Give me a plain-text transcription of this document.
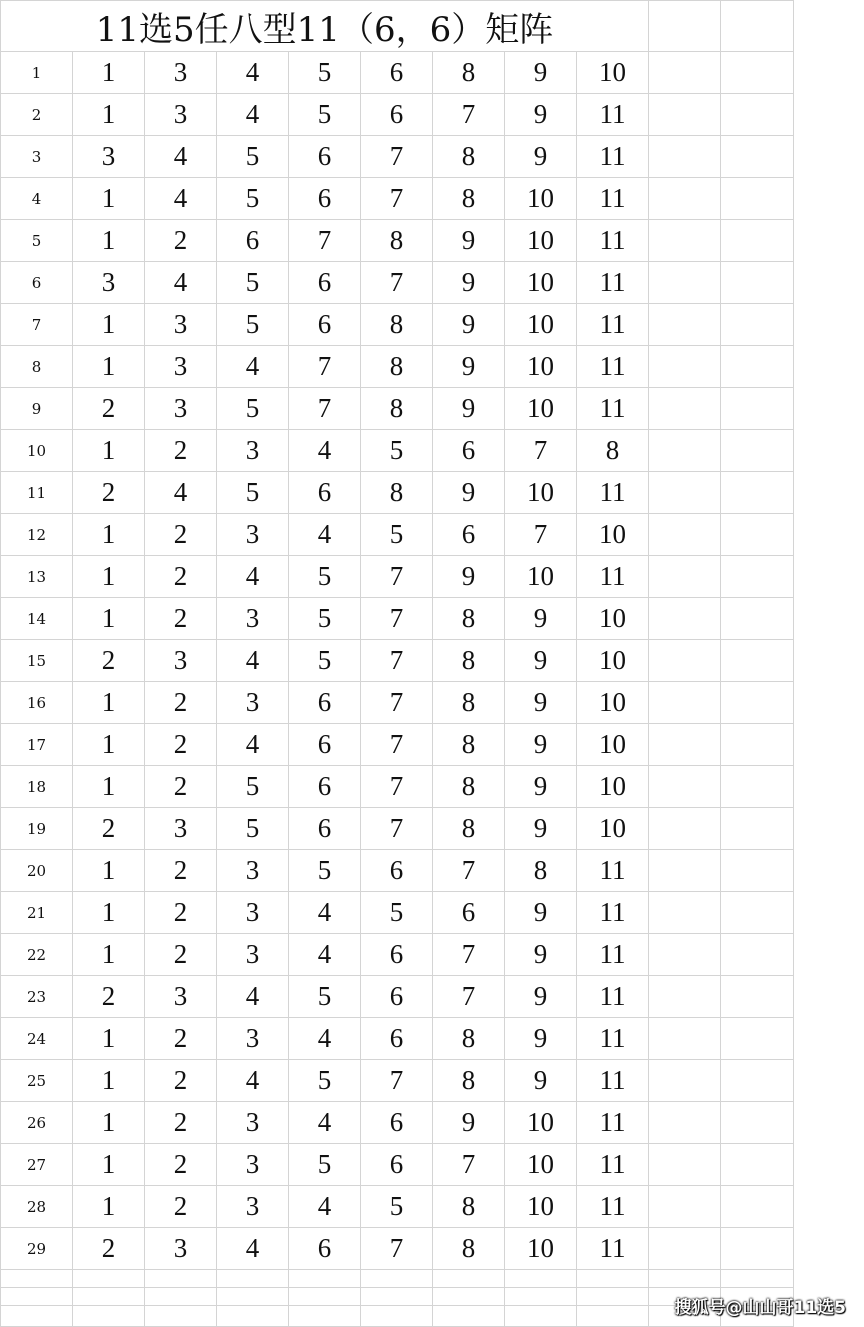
11选5任八型11（6，6）矩阵										
1	1	3	4	5	6	8	9	10		
2	1	3	4	5	6	7	9	11		
3	3	4	5	6	7	8	9	11		
4	1	4	5	6	7	8	10	11		
5	1	2	6	7	8	9	10	11		
6	3	4	5	6	7	9	10	11		
7	1	3	5	6	8	9	10	11		
8	1	3	4	7	8	9	10	11		
9	2	3	5	7	8	9	10	11		
10	1	2	3	4	5	6	7	8		
11	2	4	5	6	8	9	10	11		
12	1	2	3	4	5	6	7	10		
13	1	2	4	5	7	9	10	11		
14	1	2	3	5	7	8	9	10		
15	2	3	4	5	7	8	9	10		
16	1	2	3	6	7	8	9	10		
17	1	2	4	6	7	8	9	10		
18	1	2	5	6	7	8	9	10		
19	2	3	5	6	7	8	9	10		
20	1	2	3	5	6	7	8	11		
21	1	2	3	4	5	6	9	11		
22	1	2	3	4	6	7	9	11		
23	2	3	4	5	6	7	9	11		
24	1	2	3	4	6	8	9	11		
25	1	2	4	5	7	8	9	11		
26	1	2	3	4	6	9	10	11		
27	1	2	3	5	6	7	10	11		
28	1	2	3	4	5	8	10	11		
29	2	3	4	6	7	8	10	11		

搜狐号@山山哥11选5
